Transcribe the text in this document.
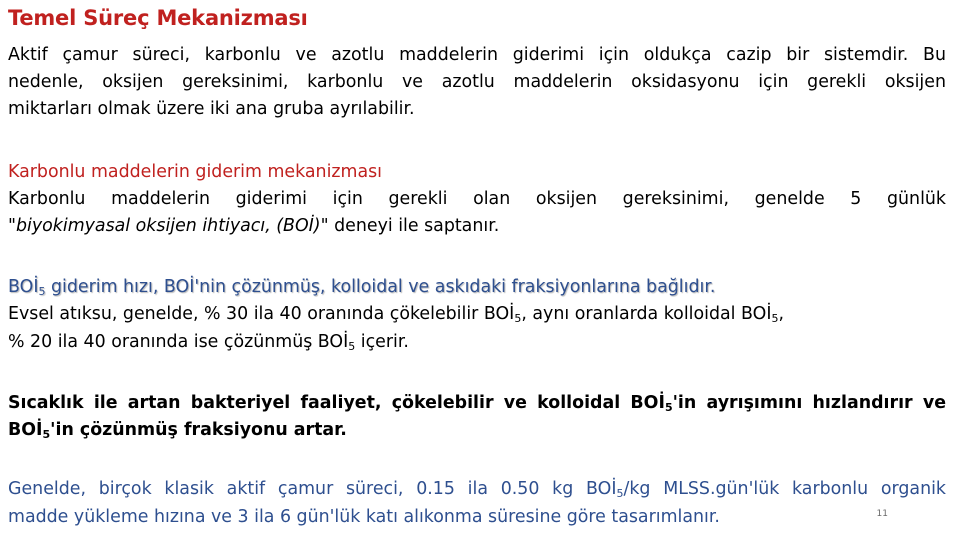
Temel Süreç Mekanizması

Aktif çamur süreci, karbonlu ve azotlu maddelerin giderimi için oldukça cazip bir sistemdir. Bu

nedenle, oksijen gereksinimi, karbonlu ve azotlu maddelerin oksidasyonu için gerekli oksijen

miktarları olmak üzere iki ana gruba ayrılabilir.

Karbonlu maddelerin giderim mekanizması

Karbonlu maddelerin giderimi için gerekli olan oksijen gereksinimi, genelde 5 günlük

"biyokimyasal oksijen ihtiyacı, (BOİ)" deneyi ile saptanır.

$BOİ_5$ giderim hızı, BOİ'nin çözünmüş, kolloidal ve askıdaki fraksiyonlarına bağlıdır.

Evsel atıksu, genelde, % 30 ila 40 oranında çökelebilir $BOİ_5$, aynı oranlarda kolloidal $BOİ_5$,

% 20 ila 40 oranında ise çözünmüş $BOİ_5$ içerir.

Sıcaklık ile artan bakteriyel faaliyet, çökelebilir ve kolloidal $BOİ_5'in$ ayrışımını hızlandırır ve

$BOİ_5'in$ çözünmüş fraksiyonu artar.

Genelde, birçok klasik aktif çamur süreci, 0.15 ila 0.50 kg $BOİ_5/kg$ MLSS.gün'lük karbonlu organik

madde yükleme hızına ve 3 ila 6 gün'lük katı alıkonma süresine göre tasarımlanır.	11
